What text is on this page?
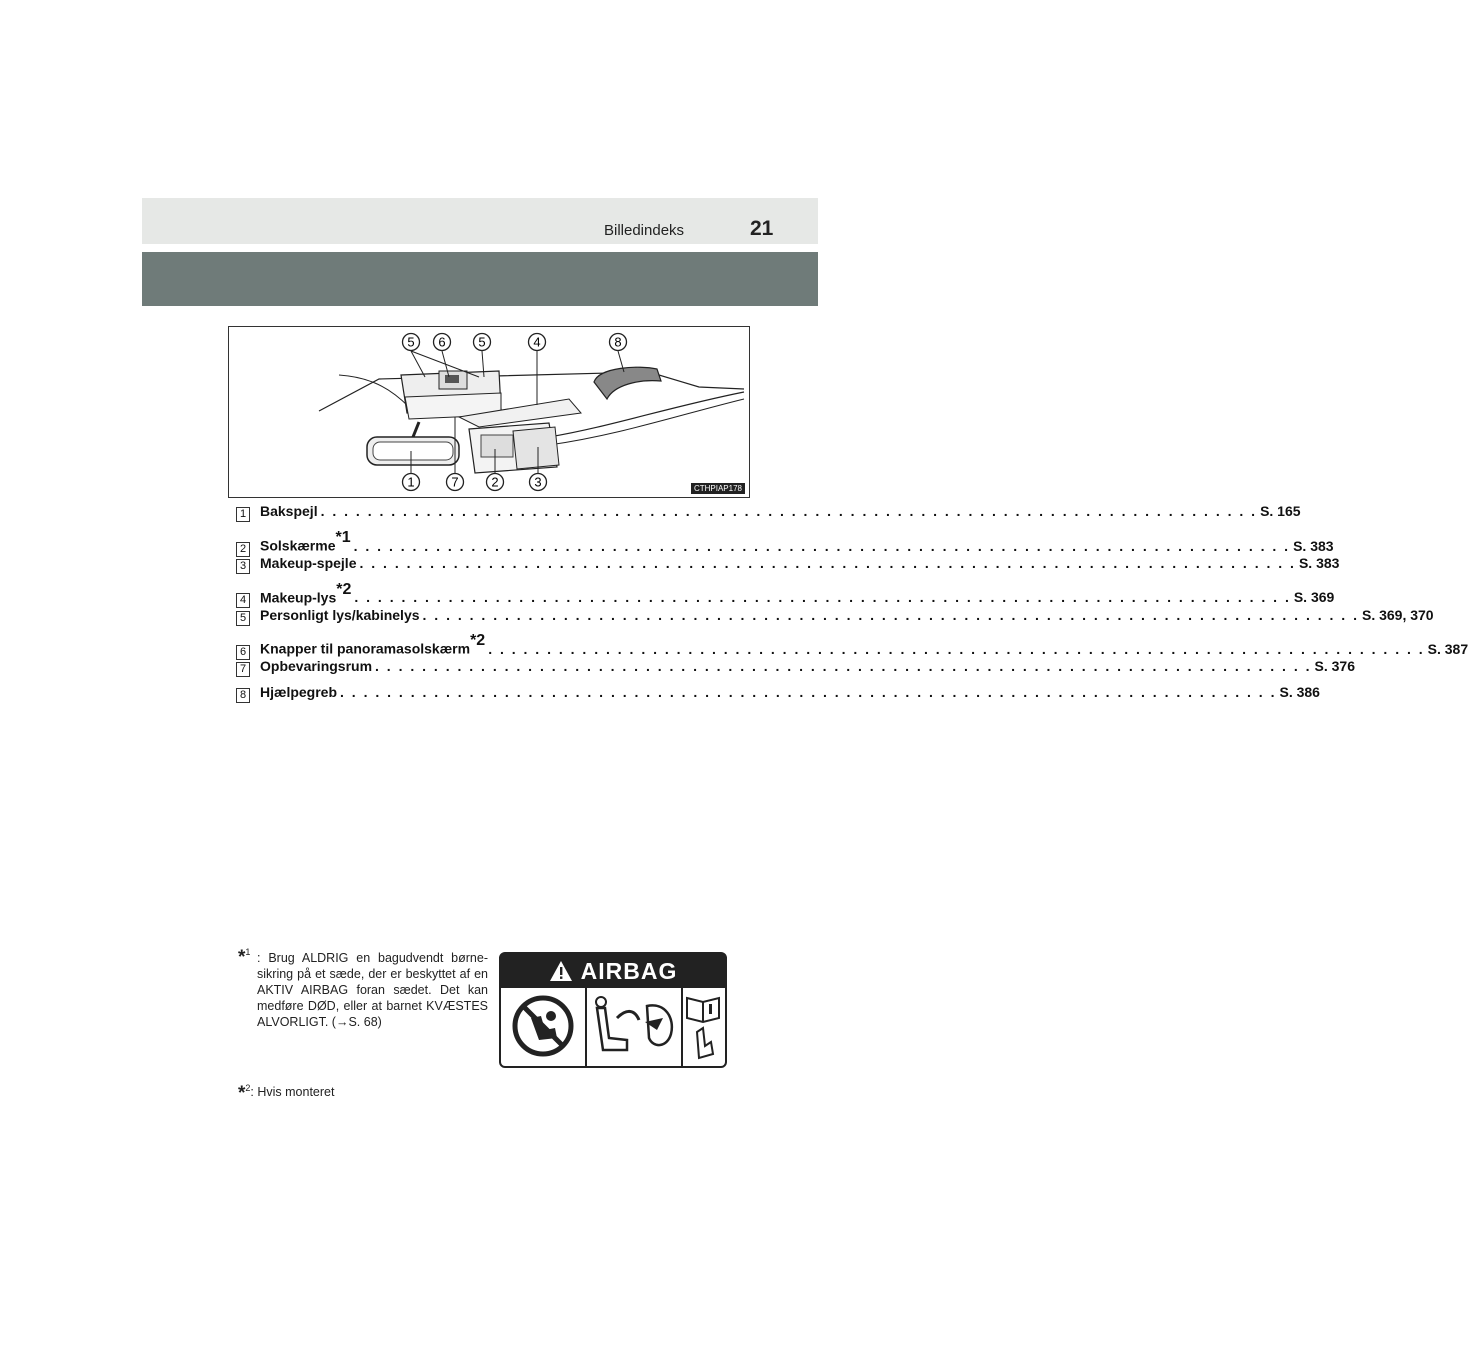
Billedindeks	21
5 6	5	4	8
1	7	2	3	CTHPIAP178
1 Bakspejl . . . . . . . . . . . . . . . . . . . . . . . . . . . . . . . . . . . . . . . . . . . . . . . . . . . . . . . . . . . . . . . . . . . . . . . . . . . . . . . . S. 165
2 Solskærme$^{*1}$ . . . . . . . . . . . . . . . . . . . . . . . . . . . . . . . . . . . . . . . . . . . . . . . . . . . . . . . . . . . . . . . . . . . . . . . . . . . . . . . . S. 383
3 Makeup-spejle . . . . . . . . . . . . . . . . . . . . . . . . . . . . . . . . . . . . . . . . . . . . . . . . . . . . . . . . . . . . . . . . . . . . . . . . . . . . . . . . S. 383
4 Makeup-lys$^{*2}$ . . . . . . . . . . . . . . . . . . . . . . . . . . . . . . . . . . . . . . . . . . . . . . . . . . . . . . . . . . . . . . . . . . . . . . . . . . . . . . . . S. 369
5 Personligt lys/kabinelys . . . . . . . . . . . . . . . . . . . . . . . . . . . . . . . . . . . . . . . . . . . . . . . . . . . . . . . . . . . . . . . . . . . . . . . . . . . . . . . . S. 369, 370
6 Knapper til panoramasolskærm$^{*2}$ . . . . . . . . . . . . . . . . . . . . . . . . . . . . . . . . . . . . . . . . . . . . . . . . . . . . . . . . . . . . . . . . . . . . . . . . . . . . . . . . S. 387
7 Opbevaringsrum . . . . . . . . . . . . . . . . . . . . . . . . . . . . . . . . . . . . . . . . . . . . . . . . . . . . . . . . . . . . . . . . . . . . . . . . . . . . . . . . S. 376
8 Hjælpegreb . . . . . . . . . . . . . . . . . . . . . . . . . . . . . . . . . . . . . . . . . . . . . . . . . . . . . . . . . . . . . . . . . . . . . . . . . . . . . . . . S. 386
*$^1$ : Brug ALDRIG en bagudvendt børne-sikring på et sæde, der er beskyttet af en AKTIV AIRBAG foran sædet. Det kan medføre DØD, eller at barnet KVÆSTES ALVORLIGT. (→S. 68)
*$^2$: Hvis monteret
AIRBAG
